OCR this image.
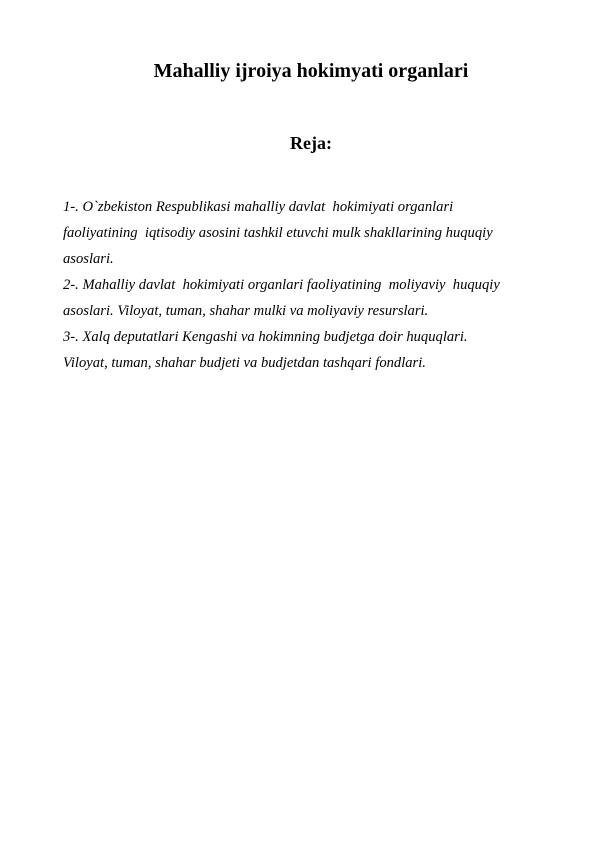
Mahalliy ijroiya hokimyati organlari
Reja:
1-. O`zbekiston Respublikasi mahalliy davlat  hokimiyati organlari
faoliyatining  iqtisodiy asosini tashkil etuvchi mulk shakllarining huquqiy
asoslari.
2-. Mahalliy davlat  hokimiyati organlari faoliyatining  moliyaviy  huquqiy
asoslari. Viloyat, tuman, shahar mulki va moliyaviy resurslari.
3-. Xalq deputatlari Kengashi va hokimning budjetga doir huquqlari.
Viloyat, tuman, shahar budjeti va budjetdan tashqari fondlari.
